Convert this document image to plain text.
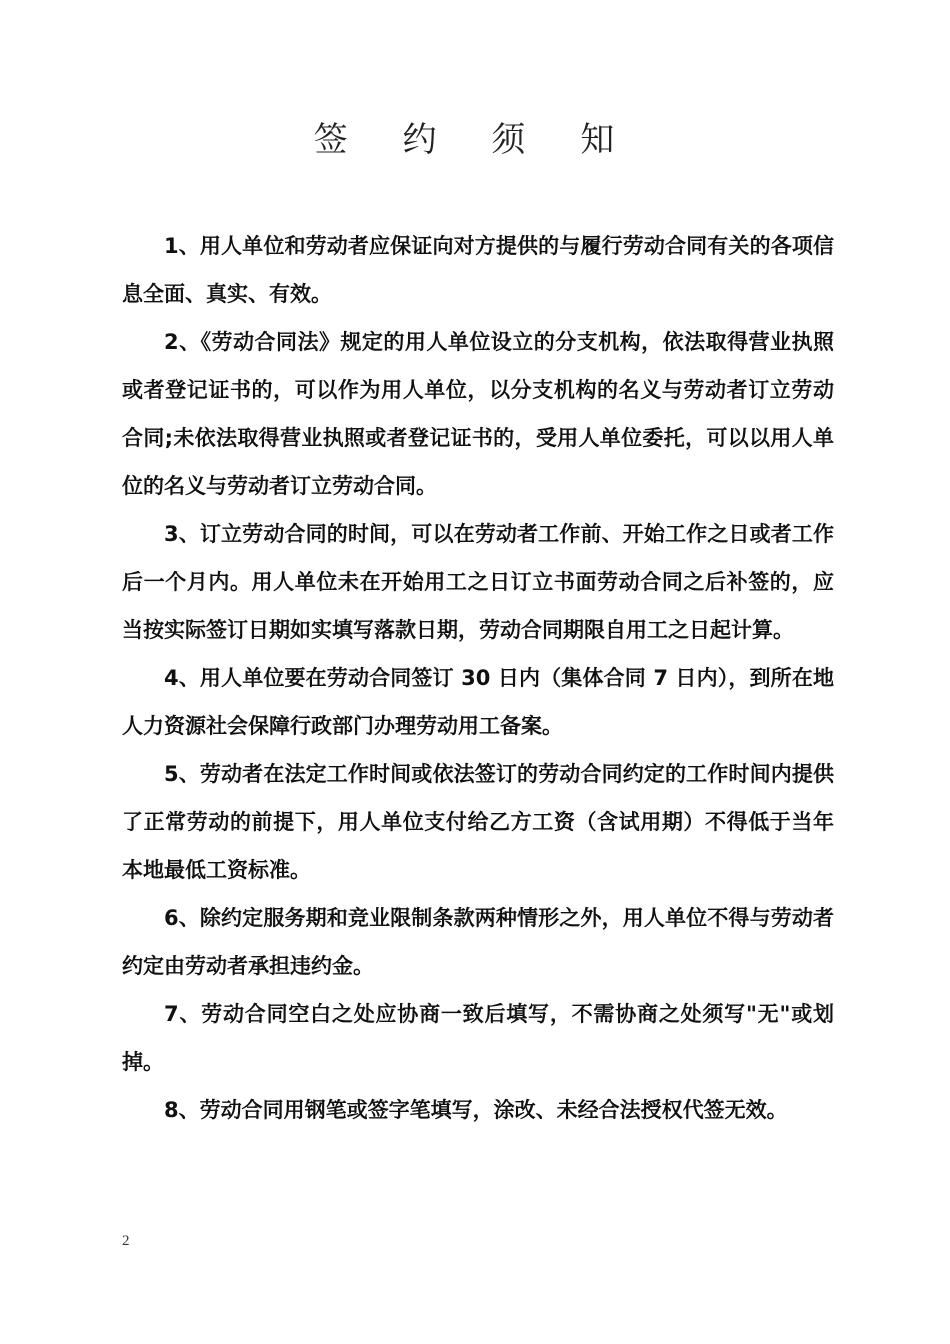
签 约 须 知

1、用人单位和劳动者应保证向对方提供的与履行劳动合同有关的各项信息全面、真实、有效。

2、《劳动合同法》规定的用人单位设立的分支机构，依法取得营业执照或者登记证书的，可以作为用人单位，以分支机构的名义与劳动者订立劳动合同;未依法取得营业执照或者登记证书的，受用人单位委托，可以以用人单位的名义与劳动者订立劳动合同。

3、订立劳动合同的时间，可以在劳动者工作前、开始工作之日或者工作后一个月内。用人单位未在开始用工之日订立书面劳动合同之后补签的，应当按实际签订日期如实填写落款日期，劳动合同期限自用工之日起计算。

4、用人单位要在劳动合同签订 30 日内（集体合同 7 日内），到所在地人力资源社会保障行政部门办理劳动用工备案。

5、劳动者在法定工作时间或依法签订的劳动合同约定的工作时间内提供了正常劳动的前提下，用人单位支付给乙方工资（含试用期）不得低于当年本地最低工资标准。

6、除约定服务期和竞业限制条款两种情形之外，用人单位不得与劳动者约定由劳动者承担违约金。

7、劳动合同空白之处应协商一致后填写，不需协商之处须写"无"或划掉。

8、劳动合同用钢笔或签字笔填写，涂改、未经合法授权代签无效。

2
